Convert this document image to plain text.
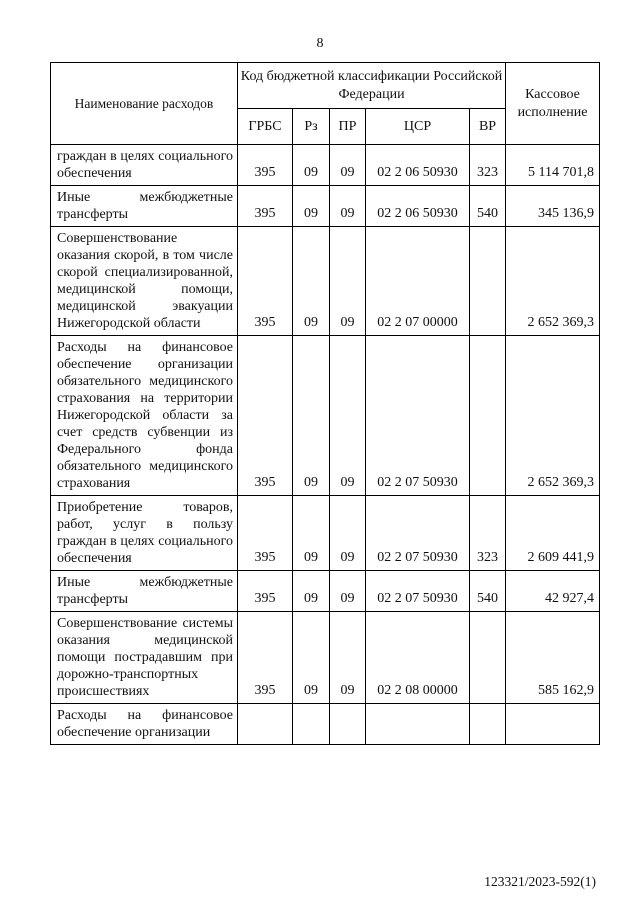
8
Наименование расходов	Код бюджетной классификации Российской Федерации					Кассовое исполнение
	ГРБС	Рз	ПР	ЦСР	ВР	
граждан в целях социального обеспечения	395	09	09	02 2 06 50930	323	5 114 701,8
Иные межбюджетные трансферты	395	09	09	02 2 06 50930	540	345 136,9
Совершенствование оказания скорой, в том числе скорой специализированной, медицинской помощи, медицинской эвакуации Нижегородской области	395	09	09	02 2 07 00000		2 652 369,3
Расходы на финансовое обеспечение организации обязательного медицинского страхования на территории Нижегородской области за счет средств субвенции из Федерального фонда обязательного медицинского страхования	395	09	09	02 2 07 50930		2 652 369,3
Приобретение товаров, работ, услуг в пользу граждан в целях социального обеспечения	395	09	09	02 2 07 50930	323	2 609 441,9
Иные межбюджетные трансферты	395	09	09	02 2 07 50930	540	42 927,4
Совершенствование системы оказания медицинской помощи пострадавшим при дорожно-транспортных происшествиях	395	09	09	02 2 08 00000		585 162,9
Расходы на финансовое обеспечение организации						
123321/2023-592(1)
